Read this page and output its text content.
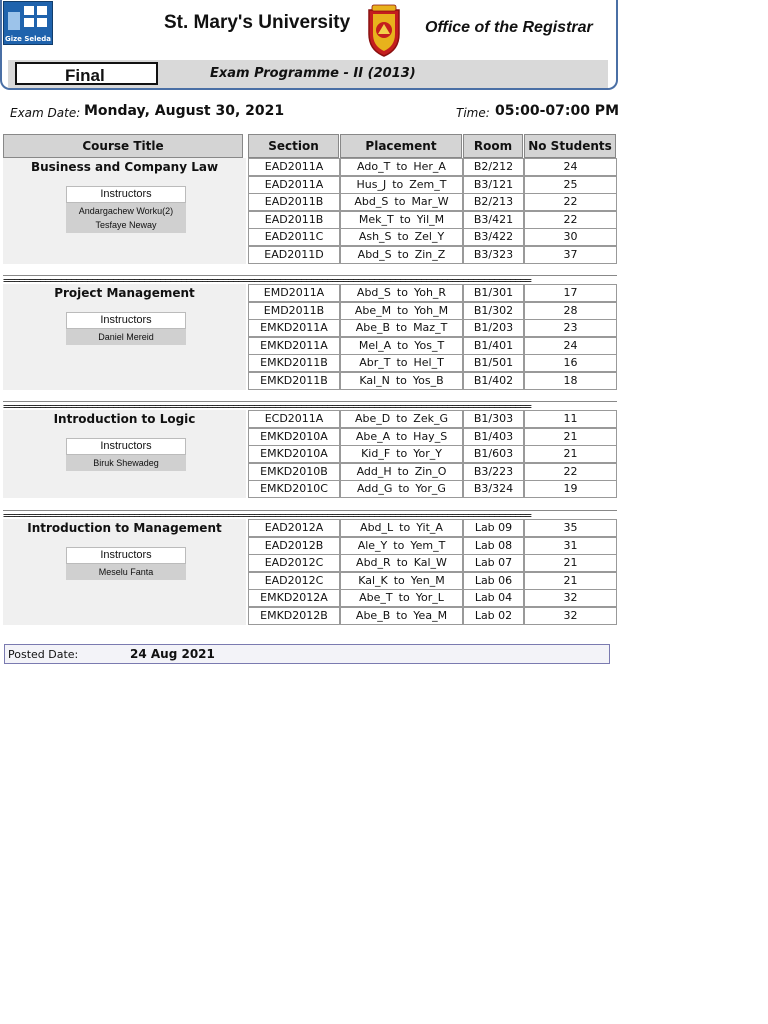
Gize Seleda
St. Mary's University	Office of the Registrar
Final	Exam Programme - II (2013)
Exam Date: Monday, August 30, 2021	Time: 05:00-07:00 PM
Course Title	Section	Placement	Room	No Students
Business and Company Law
Instructors
Andargachew Worku(2)
Tesfaye Neway
EAD2011A	Ado_T to Her_A	B2/212	24
EAD2011A	Hus_J to Zem_T	B3/121	25
EAD2011B	Abd_S to Mar_W	B2/213	22
EAD2011B	Mek_T to Yil_M	B3/421	22
EAD2011C	Ash_S to Zel_Y	B3/422	30
EAD2011D	Abd_S to Zin_Z	B3/323	37
Project Management
Instructors
Daniel Mereid
EMD2011A	Abd_S to Yoh_R	B1/301	17
EMD2011B	Abe_M to Yoh_M	B1/302	28
EMKD2011A	Abe_B to Maz_T	B1/203	23
EMKD2011A	Mel_A to Yos_T	B1/401	24
EMKD2011B	Abr_T to Hel_T	B1/501	16
EMKD2011B	Kal_N to Yos_B	B1/402	18
Introduction to Logic
Instructors
Biruk Shewadeg
ECD2011A	Abe_D to Zek_G	B1/303	11
EMKD2010A	Abe_A to Hay_S	B1/403	21
EMKD2010A	Kid_F to Yor_Y	B1/603	21
EMKD2010B	Add_H to Zin_O	B3/223	22
EMKD2010C	Add_G to Yor_G	B3/324	19
Introduction to Management
Instructors
Meselu Fanta
EAD2012A	Abd_L to Yit_A	Lab 09	35
EAD2012B	Ale_Y to Yem_T	Lab 08	31
EAD2012C	Abd_R to Kal_W	Lab 07	21
EAD2012C	Kal_K to Yen_M	Lab 06	21
EMKD2012A	Abe_T to Yor_L	Lab 04	32
EMKD2012B	Abe_B to Yea_M	Lab 02	32
=====================================================================================================
=====================================================================================================
=====================================================================================================
Posted Date:	24 Aug 2021
